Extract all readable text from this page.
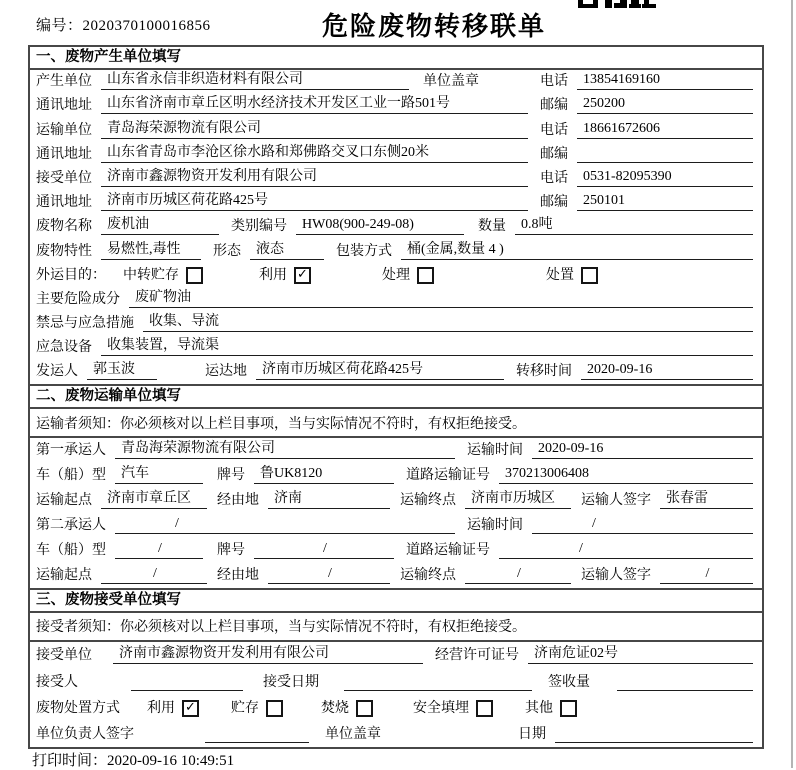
编号：2020370100016856	危险废物转移联单
一、废物产生单位填写
产生单位	山东省永信非织造材料有限公司	单位盖章	电话	13854169160
通讯地址	山东省济南市章丘区明水经济技术开发区工业一路501号	邮编	250200
运输单位	青岛海荣源物流有限公司	电话	18661672606
通讯地址	山东省青岛市李沧区徐水路和郑佛路交叉口东侧20米	邮编
接受单位	济南市鑫源物资开发利用有限公司	电话	0531-82095390
通讯地址	济南市历城区荷花路425号	邮编	250101
废物名称	废机油	类别编号	HW08(900-249-08)	数量	0.8吨
废物特性	易燃性,毒性	形态	液态	包装方式	桶(金属,数量 4 )
外运目的： 中转贮存	利用 ✓	处理	处置
主要危险成分	废矿物油
禁忌与应急措施	收集、导流
应急设备	收集装置，导流渠
发运人	郭玉波	运达地	济南市历城区荷花路425号	转移时间	2020-09-16
二、废物运输单位填写
运输者须知：你必须核对以上栏目事项，当与实际情况不符时，有权拒绝接受。
第一承运人	青岛海荣源物流有限公司	运输时间	2020-09-16
车（船）型	汽车	牌号	鲁UK8120	道路运输证号	370213006408
运输起点	济南市章丘区	经由地	济南	运输终点	济南市历城区	运输人签字	张春雷
第二承运人	/	运输时间	/
车（船）型	/	牌号	/	道路运输证号	/
运输起点	/	经由地	/	运输终点	/	运输人签字	/
三、废物接受单位填写
接受者须知：你必须核对以上栏目事项，当与实际情况不符时，有权拒绝接受。
接受单位	济南市鑫源物资开发利用有限公司	经营许可证号	济南危证02号
接受人	接受日期	签收量
废物处置方式 利用 ✓	贮存	焚烧	安全填埋	其他
单位负责人签字	单位盖章	日期
打印时间：2020-09-16 10:49:51
